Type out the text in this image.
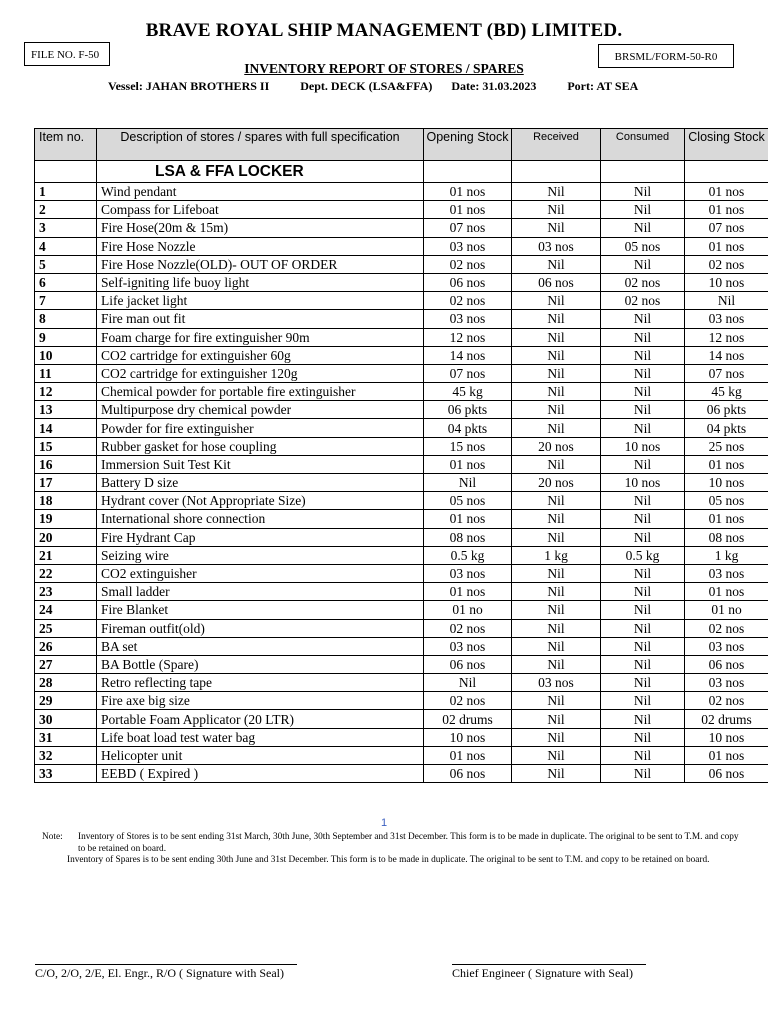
BRAVE ROYAL SHIP MANAGEMENT (BD) LIMITED.
FILE NO. F-50	BRSML/FORM-50-R0
INVENTORY REPORT OF STORES / SPARES
Vessel: JAHAN BROTHERS II	Dept. DECK (LSA&FFA) Date: 31.03.2023	Port: AT SEA
Item no.	Description of stores / spares with full specification	Opening Stock	Received	Consumed	Closing Stock
	LSA & FFA LOCKER				
1	Wind pendant	01 nos	Nil	Nil	01 nos
2	Compass for Lifeboat	01 nos	Nil	Nil	01 nos
3	Fire Hose(20m & 15m)	07 nos	Nil	Nil	07 nos
4	Fire Hose Nozzle	03 nos	03 nos	05 nos	01 nos
5	Fire Hose Nozzle(OLD)- OUT OF ORDER	02 nos	Nil	Nil	02 nos
6	Self-igniting life buoy light	06 nos	06 nos	02 nos	10 nos
7	Life jacket light	02 nos	Nil	02 nos	Nil
8	Fire man out fit	03 nos	Nil	Nil	03 nos
9	Foam charge for fire extinguisher 90m	12 nos	Nil	Nil	12 nos
10	CO2 cartridge for extinguisher 60g	14 nos	Nil	Nil	14 nos
11	CO2 cartridge for extinguisher 120g	07 nos	Nil	Nil	07 nos
12	Chemical powder for portable fire extinguisher	45 kg	Nil	Nil	45 kg
13	Multipurpose dry chemical powder	06 pkts	Nil	Nil	06 pkts
14	Powder for fire extinguisher	04 pkts	Nil	Nil	04 pkts
15	Rubber gasket for hose coupling	15 nos	20 nos	10 nos	25 nos
16	Immersion Suit Test Kit	01 nos	Nil	Nil	01 nos
17	Battery D size	Nil	20 nos	10 nos	10 nos
18	Hydrant cover (Not Appropriate Size)	05 nos	Nil	Nil	05 nos
19	International shore connection	01 nos	Nil	Nil	01 nos
20	Fire Hydrant Cap	08 nos	Nil	Nil	08 nos
21	Seizing wire	0.5 kg	1 kg	0.5 kg	1 kg
22	CO2 extinguisher	03 nos	Nil	Nil	03 nos
23	Small ladder	01 nos	Nil	Nil	01 nos
24	Fire Blanket	01 no	Nil	Nil	01 no
25	Fireman outfit(old)	02 nos	Nil	Nil	02 nos
26	BA set	03 nos	Nil	Nil	03 nos
27	BA Bottle (Spare)	06 nos	Nil	Nil	06 nos
28	Retro reflecting tape	Nil	03 nos	Nil	03 nos
29	Fire axe big size	02 nos	Nil	Nil	02 nos
30	Portable Foam Applicator (20 LTR)	02 drums	Nil	Nil	02 drums
31	Life boat load test water bag	10 nos	Nil	Nil	10 nos
32	Helicopter unit	01 nos	Nil	Nil	01 nos
33	EEBD ( Expired )	06 nos	Nil	Nil	06 nos
1
Note:	Inventory of Stores is to be sent ending 31st March, 30th June, 30th September and 31st December. This form is to be made in duplicate. The original to be sent to T.M. and copy to be retained on board.

Inventory of Spares is to be sent ending 30th June and 31st December. This form is to be made in duplicate. The original to be sent to T.M. and copy to be retained on board.

C/O, 2/O, 2/E, El. Engr., R/O ( Signature with Seal)	Chief Engineer ( Signature with Seal)
